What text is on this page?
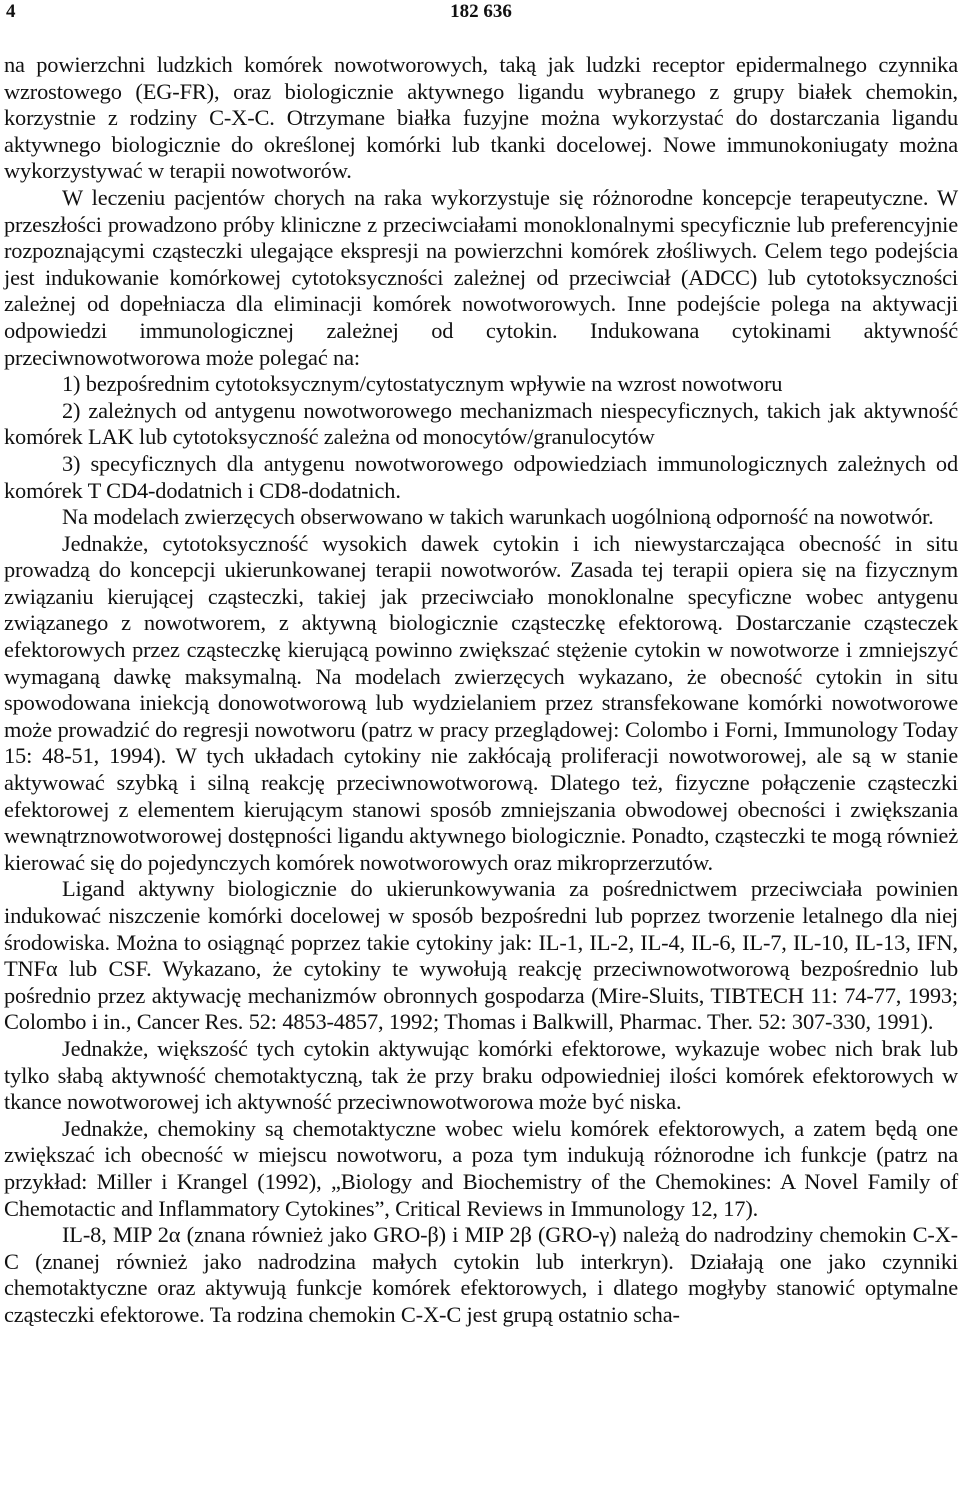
4	182 636

na powierzchni ludzkich komórek nowotworowych, taką jak ludzki receptor epidermalnego czynnika wzrostowego (EG-FR), oraz biologicznie aktywnego ligandu wybranego z grupy białek chemokin, korzystnie z rodziny C-X-C. Otrzymane białka fuzyjne można wykorzystać do dostarczania ligandu aktywnego biologicznie do określonej komórki lub tkanki docelowej. Nowe immunokoniugaty można wykorzystywać w terapii nowotworów.

W leczeniu pacjentów chorych na raka wykorzystuje się różnorodne koncepcje terapeutyczne. W przeszłości prowadzono próby kliniczne z przeciwciałami monoklonalnymi specyficznie lub preferencyjnie rozpoznającymi cząsteczki ulegające ekspresji na powierzchni komórek złośliwych. Celem tego podejścia jest indukowanie komórkowej cytotoksyczności zależnej od przeciwciał (ADCC) lub cytotoksyczności zależnej od dopełniacza dla eliminacji komórek nowotworowych. Inne podejście polega na aktywacji odpowiedzi immunologicznej zależnej od cytokin. Indukowana cytokinami aktywność przeciwnowotworowa może polegać na:

1) bezpośrednim cytotoksycznym/cytostatycznym wpływie na wzrost nowotworu

2) zależnych od antygenu nowotworowego mechanizmach niespecyficznych, takich jak aktywność komórek LAK lub cytotoksyczność zależna od monocytów/granulocytów

3) specyficznych dla antygenu nowotworowego odpowiedziach immunologicznych zależnych od komórek T CD4-dodatnich i CD8-dodatnich.

Na modelach zwierzęcych obserwowano w takich warunkach uogólnioną odporność na nowotwór.

Jednakże, cytotoksyczność wysokich dawek cytokin i ich niewystarczająca obecność in situ prowadzą do koncepcji ukierunkowanej terapii nowotworów. Zasada tej terapii opiera się na fizycznym związaniu kierującej cząsteczki, takiej jak przeciwciało monoklonalne specyficzne wobec antygenu związanego z nowotworem, z aktywną biologicznie cząsteczkę efektorową. Dostarczanie cząsteczek efektorowych przez cząsteczkę kierującą powinno zwiększać stężenie cytokin w nowotworze i zmniejszyć wymaganą dawkę maksymalną. Na modelach zwierzęcych wykazano, że obecność cytokin in situ spowodowana iniekcją donowotworową lub wydzielaniem przez stransfekowane komórki nowotworowe może prowadzić do regresji nowotworu (patrz w pracy przeglądowej: Colombo i Forni, Immunology Today 15: 48-51, 1994). W tych układach cytokiny nie zakłócają proliferacji nowotworowej, ale są w stanie aktywować szybką i silną reakcję przeciwnowotworową. Dlatego też, fizyczne połączenie cząsteczki efektorowej z elementem kierującym stanowi sposób zmniejszania obwodowej obecności i zwiększania wewnątrznowotworowej dostępności ligandu aktywnego biologicznie. Ponadto, cząsteczki te mogą również kierować się do pojedynczych komórek nowotworowych oraz mikroprzerzutów.

Ligand aktywny biologicznie do ukierunkowywania za pośrednictwem przeciwciała powinien indukować niszczenie komórki docelowej w sposób bezpośredni lub poprzez tworzenie letalnego dla niej środowiska. Można to osiągnąć poprzez takie cytokiny jak: IL-1, IL-2, IL-4, IL-6, IL-7, IL-10, IL-13, IFN, TNFα lub CSF. Wykazano, że cytokiny te wywołują reakcję przeciwnowotworową bezpośrednio lub pośrednio przez aktywację mechanizmów obronnych gospodarza (Mire-Sluits, TIBTECH 11: 74-77, 1993; Colombo i in., Cancer Res. 52: 4853-4857, 1992; Thomas i Balkwill, Pharmac. Ther. 52: 307-330, 1991).

Jednakże, większość tych cytokin aktywując komórki efektorowe, wykazuje wobec nich brak lub tylko słabą aktywność chemotaktyczną, tak że przy braku odpowiedniej ilości komórek efektorowych w tkance nowotworowej ich aktywność przeciwnowotworowa może być niska.

Jednakże, chemokiny są chemotaktyczne wobec wielu komórek efektorowych, a zatem będą one zwiększać ich obecność w miejscu nowotworu, a poza tym indukują różnorodne ich funkcje (patrz na przykład: Miller i Krangel (1992), „Biology and Biochemistry of the Chemokines: A Novel Family of Chemotactic and Inflammatory Cytokines”, Critical Reviews in Immunology 12, 17).

IL-8, MIP 2α (znana również jako GRO-β) i MIP 2β (GRO-γ) należą do nadrodziny chemokin C-X-C (znanej również jako nadrodzina małych cytokin lub interkryn). Działają one jako czynniki chemotaktyczne oraz aktywują funkcje komórek efektorowych, i dlatego mogłyby stanowić optymalne cząsteczki efektorowe. Ta rodzina chemokin C-X-C jest grupą ostatnio scha-
